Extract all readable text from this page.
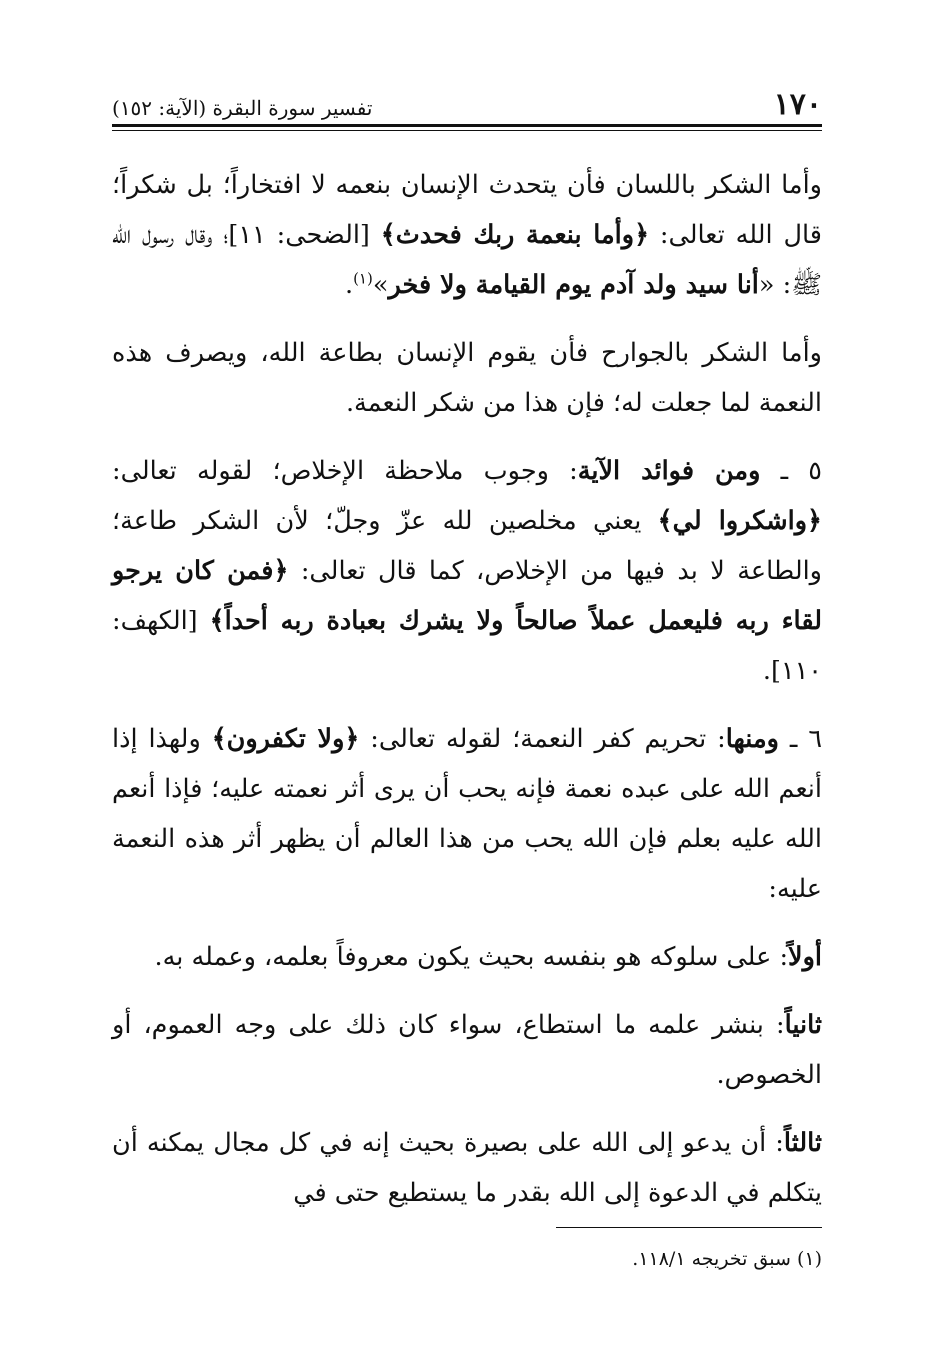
١٧٠
تفسير سورة البقرة (الآية: ١٥٢)

وأما الشكر باللسان فأن يتحدث الإنسان بنعمه لا افتخاراً؛ بل شكراً؛ قال الله تعالى: ﴿وأما بنعمة ربك فحدث﴾ [الضحى: ١١]؛ وقال رسول الله ﷺ: «أنا سيد ولد آدم يوم القيامة ولا فخر»$^{(١)}$.

وأما الشكر بالجوارح فأن يقوم الإنسان بطاعة الله، ويصرف هذه النعمة لما جعلت له؛ فإن هذا من شكر النعمة.

٥ ـ ومن فوائد الآية: وجوب ملاحظة الإخلاص؛ لقوله تعالى: ﴿واشكروا لي﴾ يعني مخلصين لله عزّ وجلّ؛ لأن الشكر طاعة؛ والطاعة لا بد فيها من الإخلاص، كما قال تعالى: ﴿فمن كان يرجو لقاء ربه فليعمل عملاً صالحاً ولا يشرك بعبادة ربه أحداً﴾ [الكهف: ١١٠].

٦ ـ ومنها: تحريم كفر النعمة؛ لقوله تعالى: ﴿ولا تكفرون﴾ ولهذا إذا أنعم الله على عبده نعمة فإنه يحب أن يرى أثر نعمته عليه؛ فإذا أنعم الله عليه بعلم فإن الله يحب من هذا العالم أن يظهر أثر هذه النعمة عليه:

أولاً: على سلوكه هو بنفسه بحيث يكون معروفاً بعلمه، وعمله به.

ثانياً: بنشر علمه ما استطاع، سواء كان ذلك على وجه العموم، أو الخصوص.

ثالثاً: أن يدعو إلى الله على بصيرة بحيث إنه في كل مجال يمكنه أن يتكلم في الدعوة إلى الله بقدر ما يستطيع حتى في

(١) سبق تخريجه ١١٨/١.
